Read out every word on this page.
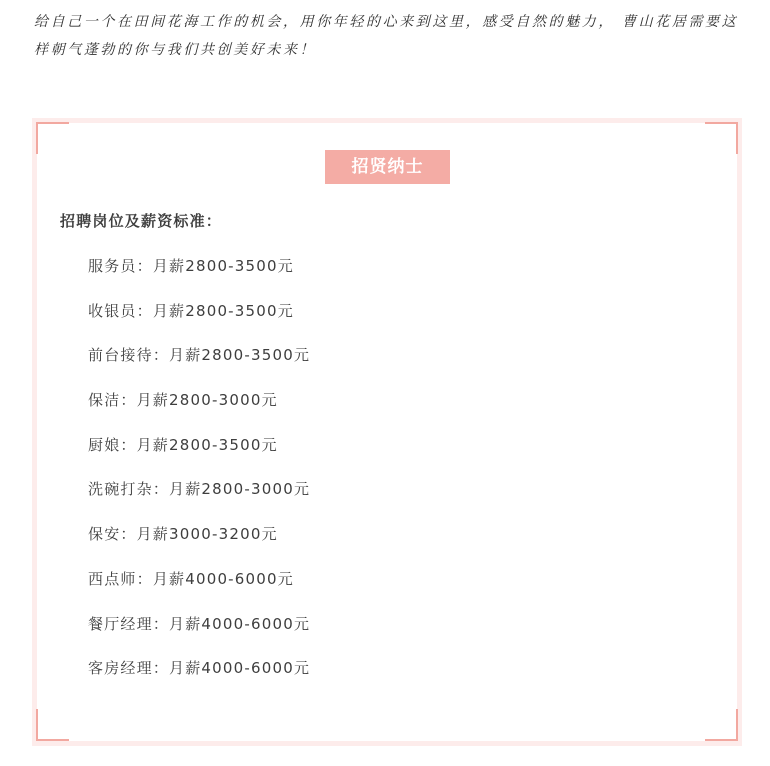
给自己一个在田间花海工作的机会，用你年轻的心来到这里，感受自然的魅力， 曹山花居需要这
样朝气蓬勃的你与我们共创美好未来！
招贤纳士
招聘岗位及薪资标准：
服务员：月薪2800-3500元
收银员：月薪2800-3500元
前台接待：月薪2800-3500元
保洁：月薪2800-3000元
厨娘：月薪2800-3500元
洗碗打杂：月薪2800-3000元
保安：月薪3000-3200元
西点师：月薪4000-6000元
餐厅经理：月薪4000-6000元
客房经理：月薪4000-6000元
